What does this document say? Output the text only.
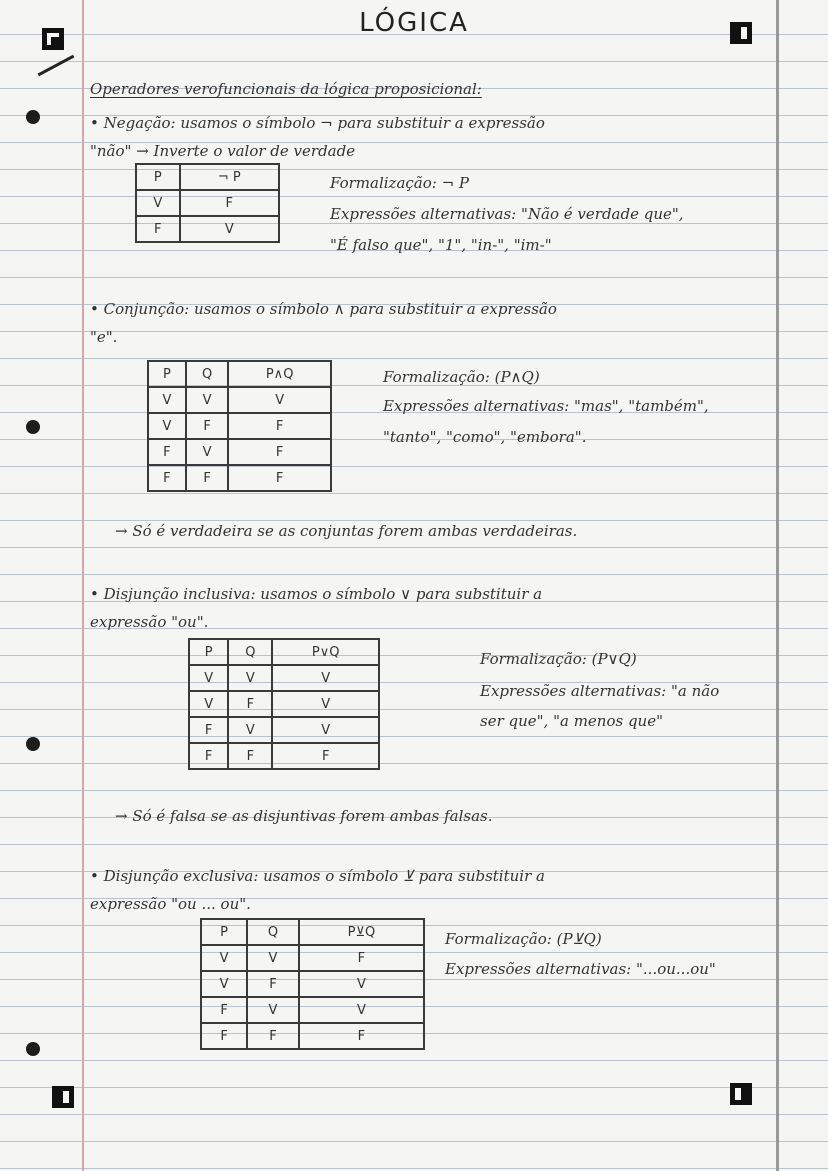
LÓGICA
Operadores verofuncionais da lógica proposicional:
• Negação: usamos o símbolo ¬ para substituir a expressão
"não" → Inverte o valor de verdade
P	¬ P
V	F
F	V
Formalização: ¬ P
Expressões alternativas: "Não é verdade que",
"É falso que", "1", "in-", "im-"
• Conjunção: usamos o símbolo ∧ para substituir a expressão
"e".
P	Q	P∧Q
V	V	V
V	F	F
F	V	F
F	F	F
Formalização: (P∧Q)
Expressões alternativas: "mas", "também",
"tanto", "como", "embora".
→ Só é verdadeira se as conjuntas forem ambas verdadeiras.
• Disjunção inclusiva: usamos o símbolo ∨ para substituir a
expressão "ou".
P	Q	P∨Q
V	V	V
V	F	V
F	V	V
F	F	F
Formalização: (P∨Q)
Expressões alternativas: "a não
ser que", "a menos que"
→ Só é falsa se as disjuntivas forem ambas falsas.
• Disjunção exclusiva: usamos o símbolo ⊻ para substituir a
expressão "ou ... ou".
P	Q	P⊻Q
V	V	F
V	F	V
F	V	V
F	F	F
Formalização: (P⊻Q)
Expressões alternativas: "...ou...ou"
